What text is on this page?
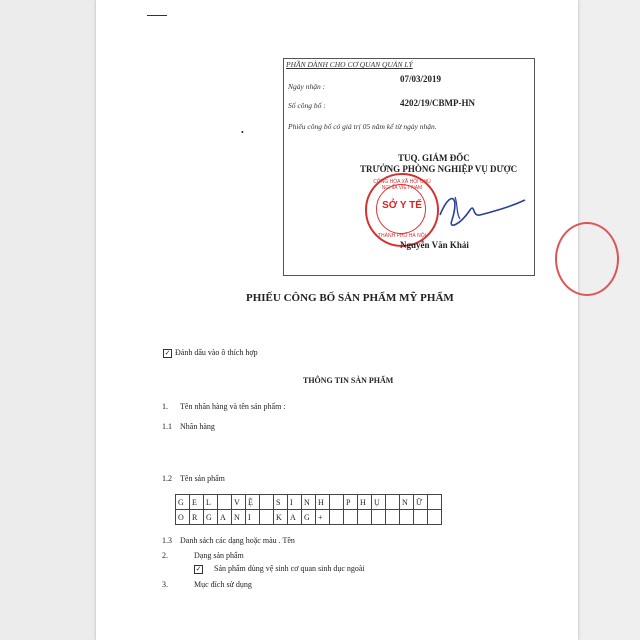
PHẦN DÀNH CHO CƠ QUAN QUẢN LÝ
Ngày nhận :
07/03/2019
Số công bố :	4202/19/CBMP-HN
Phiếu công bố có giá trị 05 năm kể từ ngày nhận.
TUQ. GIÁM ĐỐC
TRƯỞNG PHÒNG NGHIỆP VỤ DƯỢC
CÔNG HÒA XÃ HỘI CHỦ NGHĨA VIỆT NAM
SỞ Y TẾ
THÀNH PHỐ HÀ NỘI
Nguyễn Văn Khải
•
PHIẾU CÔNG BỐ SẢN PHẨM MỸ PHẨM
✓ Đánh dấu vào ô thích hợp
THÔNG TIN SẢN PHẨM
1. Tên nhãn hàng và tên sản phẩm :
1.1 Nhãn hàng
1.2 Tên sản phẩm
G	E	L		V	Ệ		S	I	N	H		P	H	Ụ		N	Ữ	
O	R	G	A	N	I		K	A	G	+								
1.3 Danh sách các dạng hoặc màu . Tên
2.	Dạng sản phẩm
✓ Sản phẩm dùng vệ sinh cơ quan sinh dục ngoài
3.	Mục đích sử dụng
